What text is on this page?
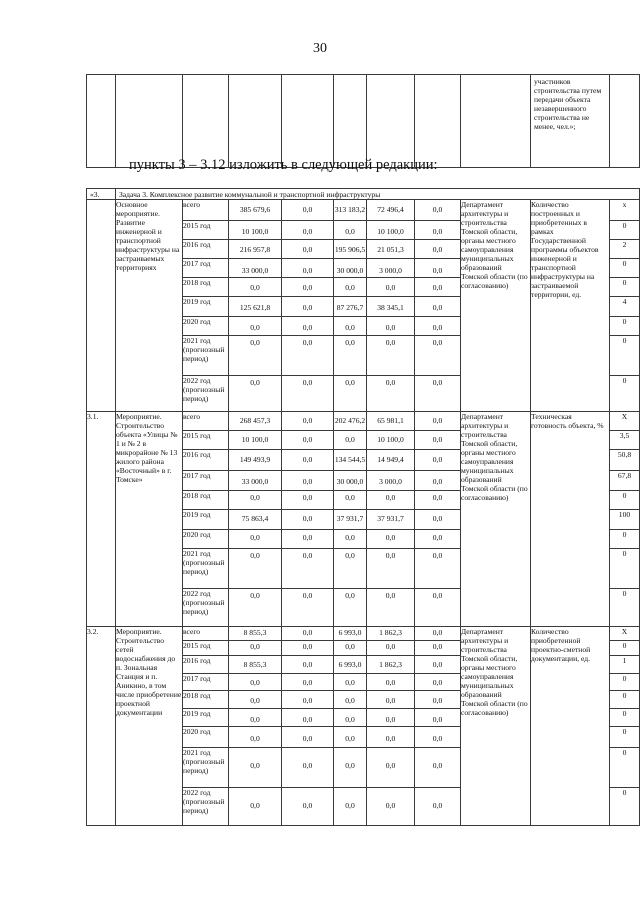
30
									участников строительства путем передачи объекта незавершенного строительства не менее, чел.»;	
пункты 3 – 3.12 изложить в следующей редакции:
«3.	Задача 3. Комплексное развитие коммунальной и транспортной инфраструктуры									
	Основное мероприятие. Развитие инженерной и транспортной инфраструктуры на застраиваемых территориях	всего	385 679,6	0,0	313 183,2	72 496,4	0,0	Департамент архитектуры и строительства Томской области, органы местного самоуправления муниципальных образований Томской области (по согласованию)	Количество построенных и приобретенных в рамках Государственной программы объектов инженерной и транспортной инфраструктуры на застраиваемой территории, ед.	х
		2015 год	10 100,0	0,0	0,0	10 100,0	0,0			0
		2016 год	216 957,8	0,0	195 906,5	21 051,3	0,0			2
		2017 год	33 000,0	0,0	30 000,0	3 000,0	0,0			0
		2018 год	0,0	0,0	0,0	0,0	0,0			0
		2019 год	125 621,8	0,0	87 276,7	38 345,1	0,0			4
		2020 год	0,0	0,0	0,0	0,0	0,0			0
		2021 год (прогнозный период)	0,0	0,0	0,0	0,0	0,0			0
		2022 год (прогнозный период)	0,0	0,0	0,0	0,0	0,0			0
3.1.	Мероприятие. Строительство объекта «Улицы № 1 и № 2 в микрорайоне № 13 жилого района «Восточный» в г. Томске»	всего	268 457,3	0,0	202 476,2	65 981,1	0,0	Департамент архитектуры и строительства Томской области, органы местного самоуправления муниципальных образований Томской области (по согласованию)	Техническая готовность объекта, %	Х
		2015 год	10 100,0	0,0	0,0	10 100,0	0,0			3,5
		2016 год	149 493,9	0,0	134 544,5	14 949,4	0,0			50,8
		2017 год	33 000,0	0,0	30 000,0	3 000,0	0,0			67,8
		2018 год	0,0	0,0	0,0	0,0	0,0			0
		2019 год	75 863,4	0,0	37 931,7	37 931,7	0,0			100
		2020 год	0,0	0,0	0,0	0,0	0,0			0
		2021 год (прогнозный период)	0,0	0,0	0,0	0,0	0,0			0
		2022 год (прогнозный период)	0,0	0,0	0,0	0,0	0,0			0
3.2.	Мероприятие. Строительство сетей водоснабжения до п. Зональная Станция и п. Аникино, в том числе приобретение проектной документации	всего	8 855,3	0,0	6 993,0	1 862,3	0,0	Департамент архитектуры и строительства Томской области, органы местного самоуправления муниципальных образований Томской области (по согласованию)	Количество приобретенной проектно-сметной документации, ед.	Х
		2015 год	0,0	0,0	0,0	0,0	0,0			0
		2016 год	8 855,3	0,0	6 993,0	1 862,3	0,0			1
		2017 год	0,0	0,0	0,0	0,0	0,0			0
		2018 год	0,0	0,0	0,0	0,0	0,0			0
		2019 год	0,0	0,0	0,0	0,0	0,0			0
		2020 год	0,0	0,0	0,0	0,0	0,0			0
		2021 год (прогнозный период)	0,0	0,0	0,0	0,0	0,0			0
		2022 год (прогнозный период)	0,0	0,0	0,0	0,0	0,0			0
